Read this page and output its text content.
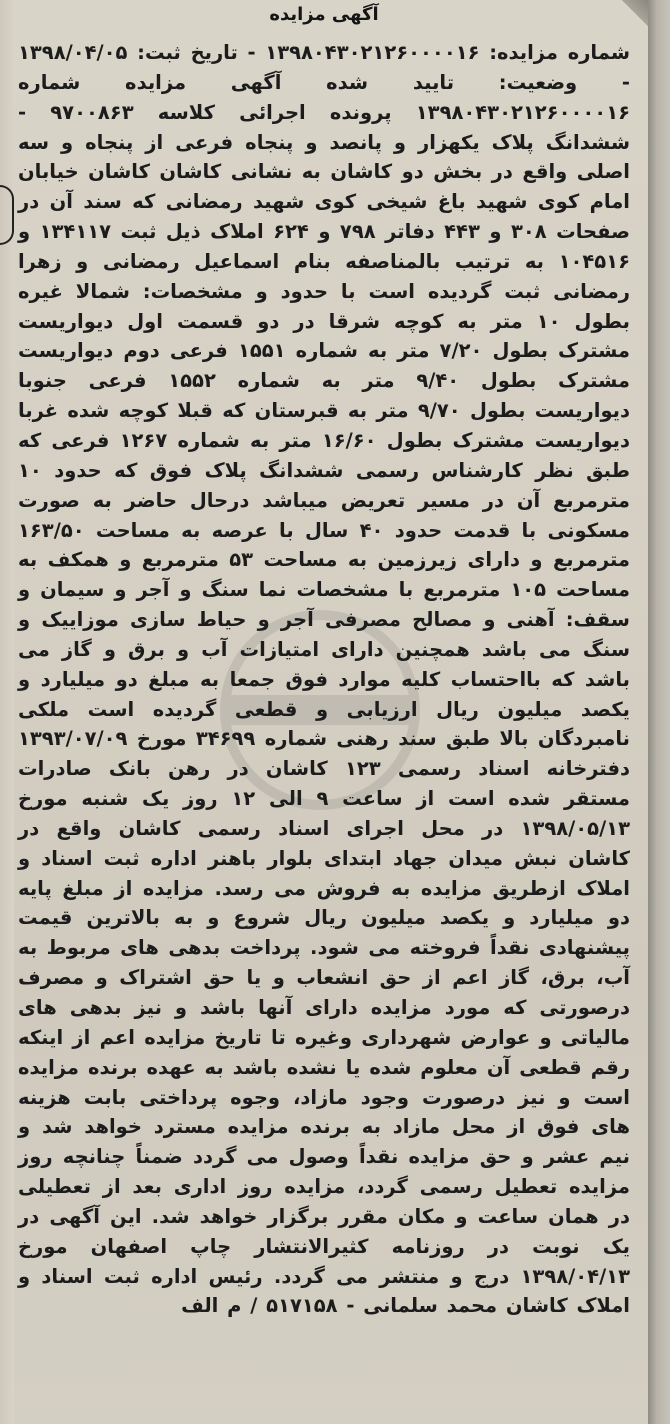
آگهی مزایده
شماره مزایده: ۱۳۹۸۰۴۳۰۲۱۲۶۰۰۰۰۱۶ - تاریخ ثبت: ۱۳۹۸/۰۴/۰۵ - وضعیت: تایید شده آگهی مزایده شماره ۱۳۹۸۰۴۳۰۲۱۲۶۰۰۰۰۱۶ پرونده اجرائی کلاسه ۹۷۰۰۸۶۳ - ششدانگ پلاک یکهزار و پانصد و پنجاه فرعی از پنجاه و سه اصلی واقع در بخش دو کاشان به نشانی کاشان کاشان خیابان امام کوی شهید باغ شیخی کوی شهید رمضانی که سند آن در صفحات ۳۰۸ و ۴۴۳ دفاتر ۷۹۸ و ۶۲۴ املاک ذیل ثبت ۱۳۴۱۱۷ و ۱۰۴۵۱۶ به ترتیب بالمناصفه بنام اسماعیل رمضانی و زهرا رمضانی ثبت گردیده است با حدود و مشخصات: شمالا غیره بطول ۱۰ متر به کوچه شرقا در دو قسمت اول دیواریست مشترک بطول ۷/۲۰ متر به شماره ۱۵۵۱ فرعی دوم دیواریست مشترک بطول ۹/۴۰ متر به شماره ۱۵۵۲ فرعی جنوبا دیواریست بطول ۹/۷۰ متر به قبرستان که قبلا کوچه شده غربا دیواریست مشترک بطول ۱۶/۶۰ متر به شماره ۱۲۶۷ فرعی که طبق نظر کارشناس رسمی ششدانگ پلاک فوق که حدود ۱۰ مترمربع آن در مسیر تعریض میباشد درحال حاضر به صورت مسکونی با قدمت حدود ۴۰ سال با عرصه به مساحت ۱۶۳/۵۰ مترمربع و دارای زیرزمین به مساحت ۵۳ مترمربع و همکف به مساحت ۱۰۵ مترمربع با مشخصات نما سنگ و آجر و سیمان و سقف: آهنی و مصالح مصرفی آجر و حیاط سازی موزاییک و سنگ می باشد همچنین دارای امتیازات آب و برق و گاز می باشد که بااحتساب کلیه موارد فوق جمعا به مبلغ دو میلیارد و یکصد میلیون ریال ارزیابی و قطعی گردیده است ملکی نامبردگان بالا طبق سند رهنی شماره ۳۴۶۹۹ مورخ ۱۳۹۳/۰۷/۰۹ دفترخانه اسناد رسمی ۱۲۳ کاشان در رهن بانک صادرات مستقر شده است از ساعت ۹ الی ۱۲ روز یک شنبه مورخ ۱۳۹۸/۰۵/۱۳ در محل اجرای اسناد رسمی کاشان واقع در کاشان نبش میدان جهاد ابتدای بلوار باهنر اداره ثبت اسناد و املاک ازطریق مزایده به فروش می رسد. مزایده از مبلغ پایه دو میلیارد و یکصد میلیون ریال شروع و به بالاترین قیمت پیشنهادی نقداً فروخته می شود. پرداخت بدهی های مربوط به آب، برق، گاز اعم از حق انشعاب و یا حق اشتراک و مصرف درصورتی که مورد مزایده دارای آنها باشد و نیز بدهی های مالیاتی و عوارض شهرداری وغیره تا تاریخ مزایده اعم از اینکه رقم قطعی آن معلوم شده یا نشده باشد به عهده برنده مزایده است و نیز درصورت وجود مازاد، وجوه پرداختی بابت هزینه های فوق از محل مازاد به برنده مزایده مسترد خواهد شد و نیم عشر و حق مزایده نقداً وصول می گردد ضمناً چنانچه روز مزایده تعطیل رسمی گردد، مزایده روز اداری بعد از تعطیلی در همان ساعت و مکان مقرر برگزار خواهد شد. این آگهی در یک نوبت در روزنامه کثیرالانتشار چاپ اصفهان مورخ ۱۳۹۸/۰۴/۱۳ درج و منتشر می گردد. رئیس اداره ثبت اسناد و املاک کاشان محمد سلمانی - ۵۱۷۱۵۸ / م الف
